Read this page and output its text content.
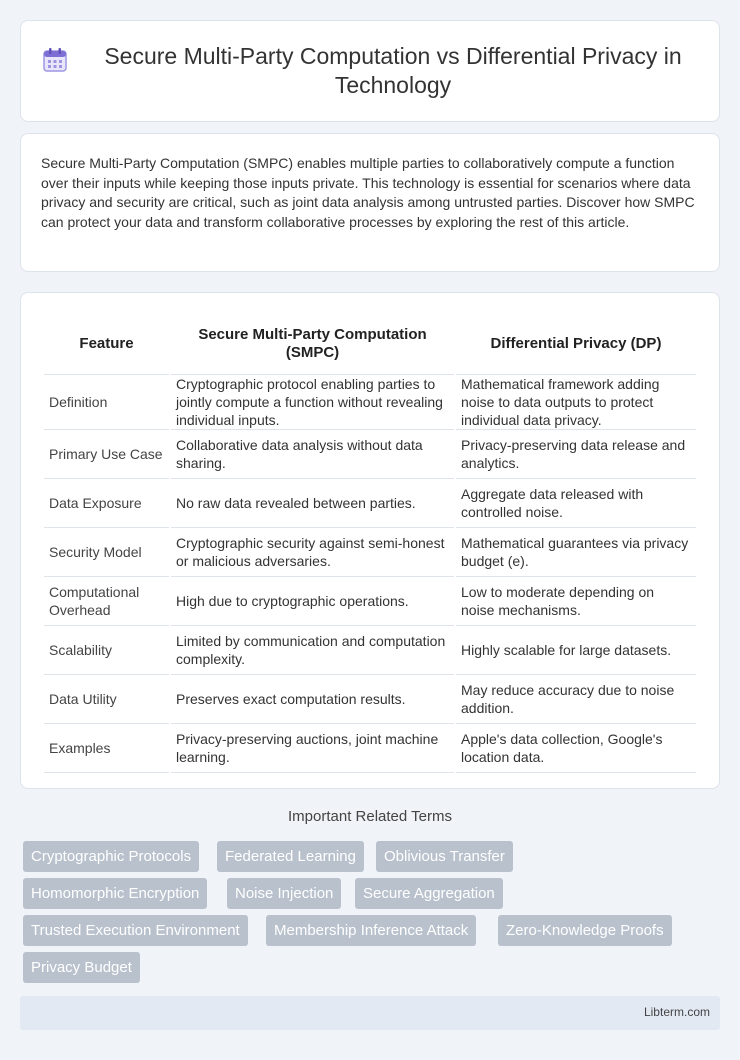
Secure Multi-Party Computation vs Differential Privacy in Technology

Secure Multi-Party Computation (SMPC) enables multiple parties to collaboratively compute a function over their inputs while keeping those inputs private. This technology is essential for scenarios where data privacy and security are critical, such as joint data analysis among untrusted parties. Discover how SMPC can protect your data and transform collaborative processes by exploring the rest of this article.

Feature	Secure Multi-Party Computation (SMPC)	Differential Privacy (DP)
Definition	Cryptographic protocol enabling parties to jointly compute a function without revealing individual inputs.	Mathematical framework adding noise to data outputs to protect individual data privacy.
Primary Use Case	Collaborative data analysis without data sharing.	Privacy-preserving data release and analytics.
Data Exposure	No raw data revealed between parties.	Aggregate data released with controlled noise.
Security Model	Cryptographic security against semi-honest or malicious adversaries.	Mathematical guarantees via privacy budget (e).
Computational Overhead	High due to cryptographic operations.	Low to moderate depending on noise mechanisms.
Scalability	Limited by communication and computation complexity.	Highly scalable for large datasets.
Data Utility	Preserves exact computation results.	May reduce accuracy due to noise addition.
Examples	Privacy-preserving auctions, joint machine learning.	Apple's data collection, Google's location data.
Important Related Terms
Cryptographic Protocols	Federated Learning	Oblivious Transfer
Homomorphic Encryption	Noise Injection	Secure Aggregation
Trusted Execution Environment	Membership Inference Attack	Zero-Knowledge Proofs
Privacy Budget
Libterm.com
